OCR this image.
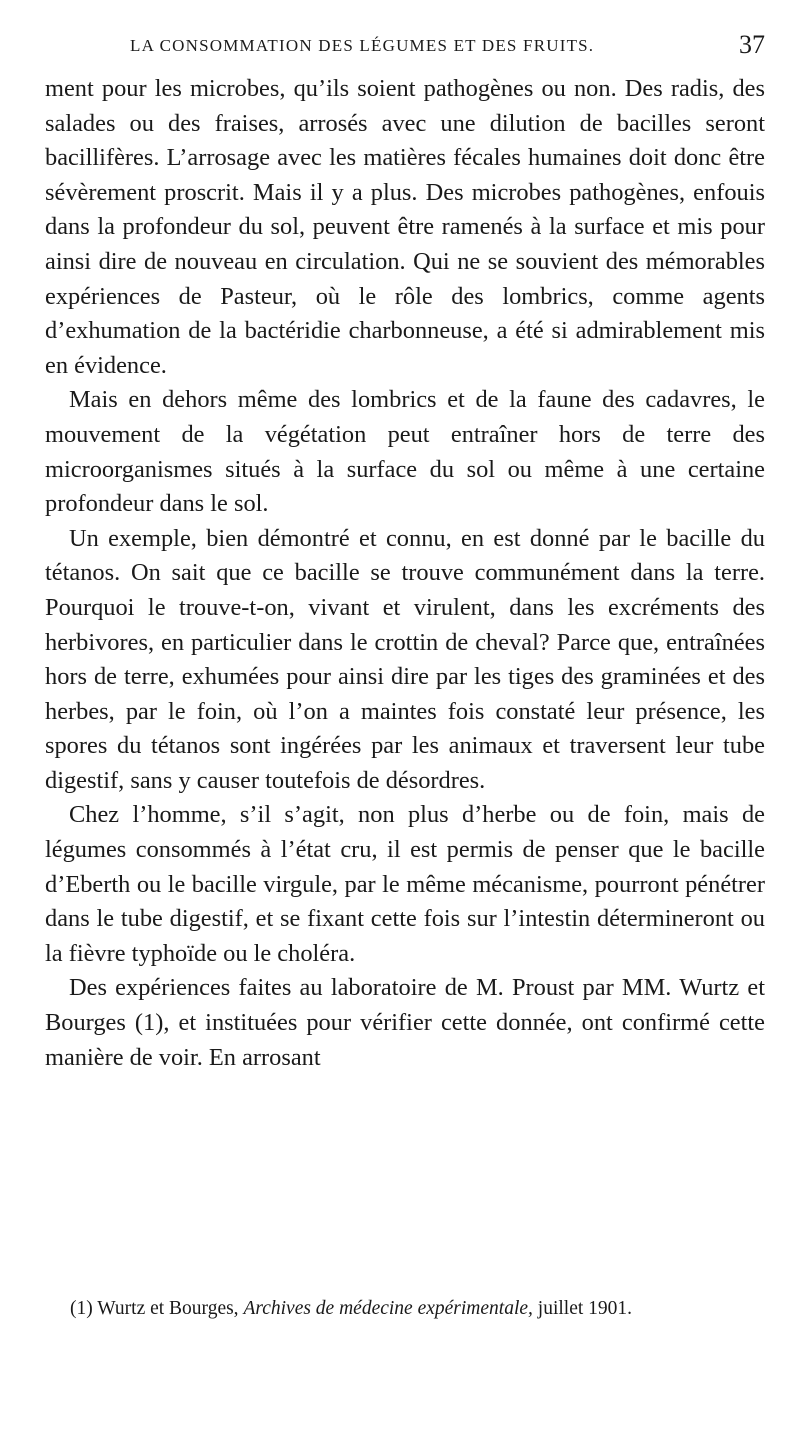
LA CONSOMMATION DES LÉGUMES ET DES FRUITS.	37

ment pour les microbes, qu’ils soient pathogènes ou non. Des radis, des salades ou des fraises, arrosés avec une dilution de bacilles seront bacillifères. L’arrosage avec les matières fécales humaines doit donc être sévèrement proscrit. Mais il y a plus. Des microbes pathogènes, enfouis dans la profondeur du sol, peuvent être ramenés à la surface et mis pour ainsi dire de nouveau en circulation. Qui ne se souvient des mémorables expériences de Pasteur, où le rôle des lombrics, comme agents d’exhumation de la bactéridie charbonneuse, a été si admirablement mis en évidence.

Mais en dehors même des lombrics et de la faune des cadavres, le mouvement de la végétation peut entraîner hors de terre des microorganismes situés à la surface du sol ou même à une certaine profondeur dans le sol.

Un exemple, bien démontré et connu, en est donné par le bacille du tétanos. On sait que ce bacille se trouve communément dans la terre. Pourquoi le trouve-t-on, vivant et virulent, dans les excréments des herbivores, en particulier dans le crottin de cheval? Parce que, entraînées hors de terre, exhumées pour ainsi dire par les tiges des graminées et des herbes, par le foin, où l’on a maintes fois constaté leur présence, les spores du tétanos sont ingérées par les animaux et traversent leur tube digestif, sans y causer toutefois de désordres.

Chez l’homme, s’il s’agit, non plus d’herbe ou de foin, mais de légumes consommés à l’état cru, il est permis de penser que le bacille d’Eberth ou le bacille virgule, par le même mécanisme, pourront pénétrer dans le tube digestif, et se fixant cette fois sur l’intestin détermineront ou la fièvre typhoïde ou le choléra.

Des expériences faites au laboratoire de M. Proust par MM. Wurtz et Bourges (1), et instituées pour vérifier cette donnée, ont confirmé cette manière de voir. En arrosant

(1) Wurtz et Bourges, Archives de médecine expérimentale, juillet 1901.
